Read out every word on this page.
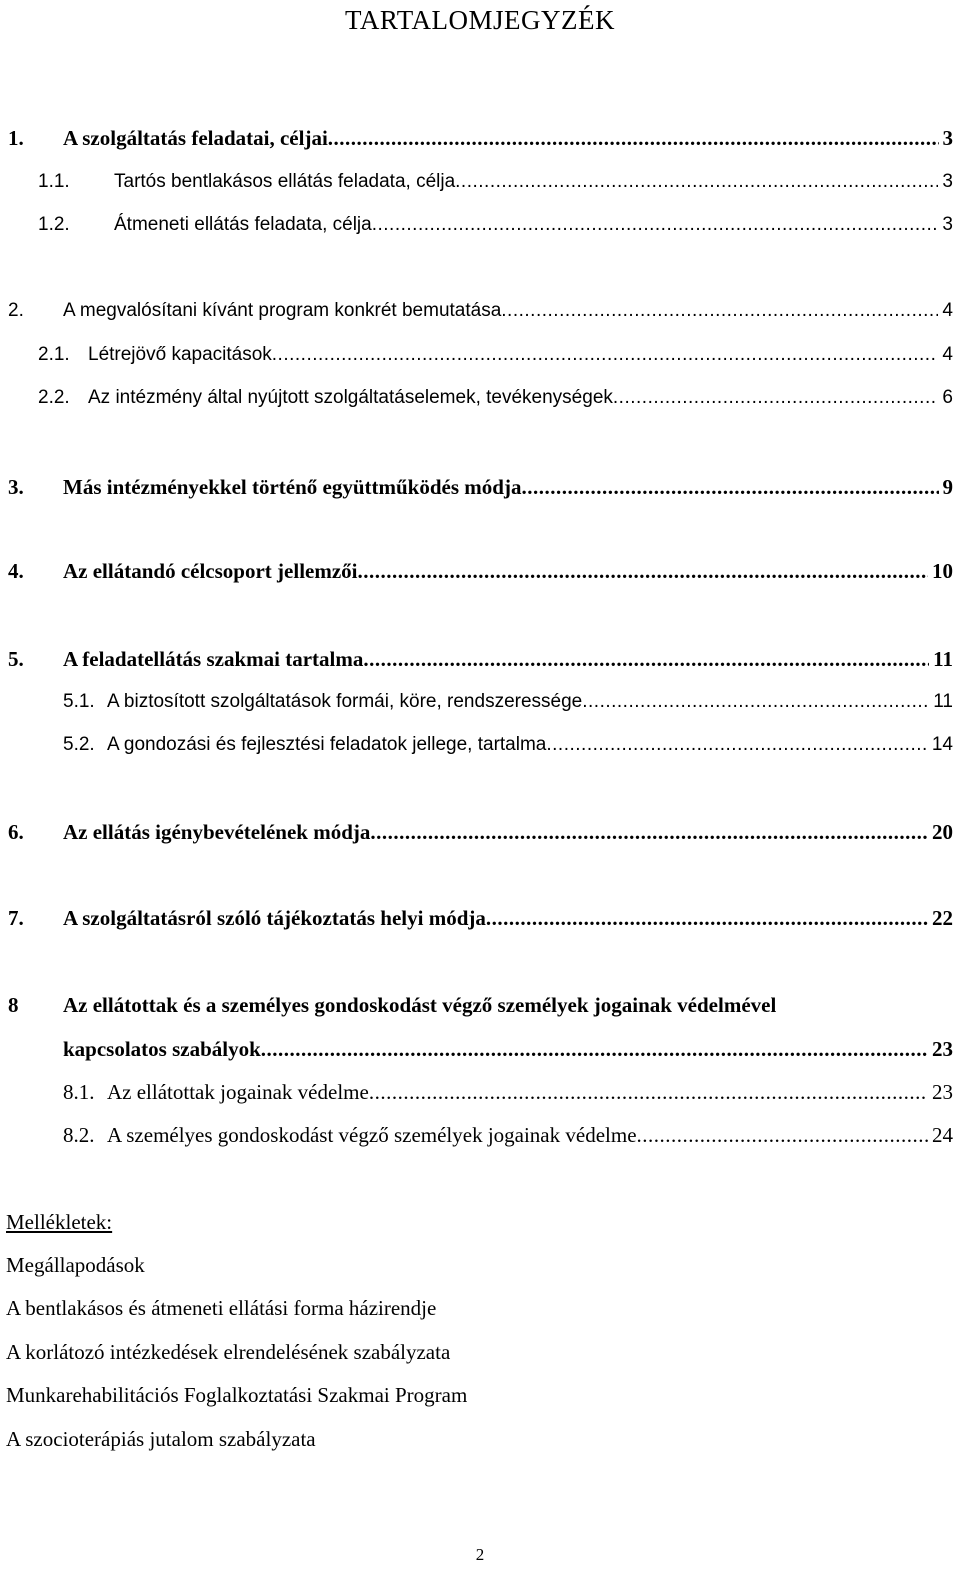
TARTALOMJEGYZÉK
1. A szolgáltatás feladatai, céljai .....	3
1.1. Tartós bentlakásos ellátás feladata, célja .....	3
1.2. Átmeneti ellátás feladata, célja .....	3
2. A megvalósítani kívánt program konkrét bemutatása .....	4
2.1. Létrejövő kapacitások .....	4
2.2. Az intézmény által nyújtott szolgáltatáselemek, tevékenységek .....	6
3. Más intézményekkel történő együttműködés módja .....	9
4. Az ellátandó célcsoport jellemzői .....	10
5. A feladatellátás szakmai tartalma .....	11
5.1. A biztosított szolgáltatások formái, köre, rendszeressége .....	11
5.2. A gondozási és fejlesztési feladatok jellege, tartalma .....	14
6. Az ellátás igénybevételének módja .....	20
7. A szolgáltatásról szóló tájékoztatás helyi módja .....	22
8 Az ellátottak és a személyes gondoskodást végző személyek jogainak védelmével
kapcsolatos szabályok .....	23
8.1. Az ellátottak jogainak védelme .....	23
8.2. A személyes gondoskodást végző személyek jogainak védelme .....	24
Mellékletek:
Megállapodások
A bentlakásos és átmeneti ellátási forma házirendje
A korlátozó intézkedések elrendelésének szabályzata
Munkarehabilitációs Foglalkoztatási Szakmai Program
A szocioterápiás jutalom szabályzata
2
